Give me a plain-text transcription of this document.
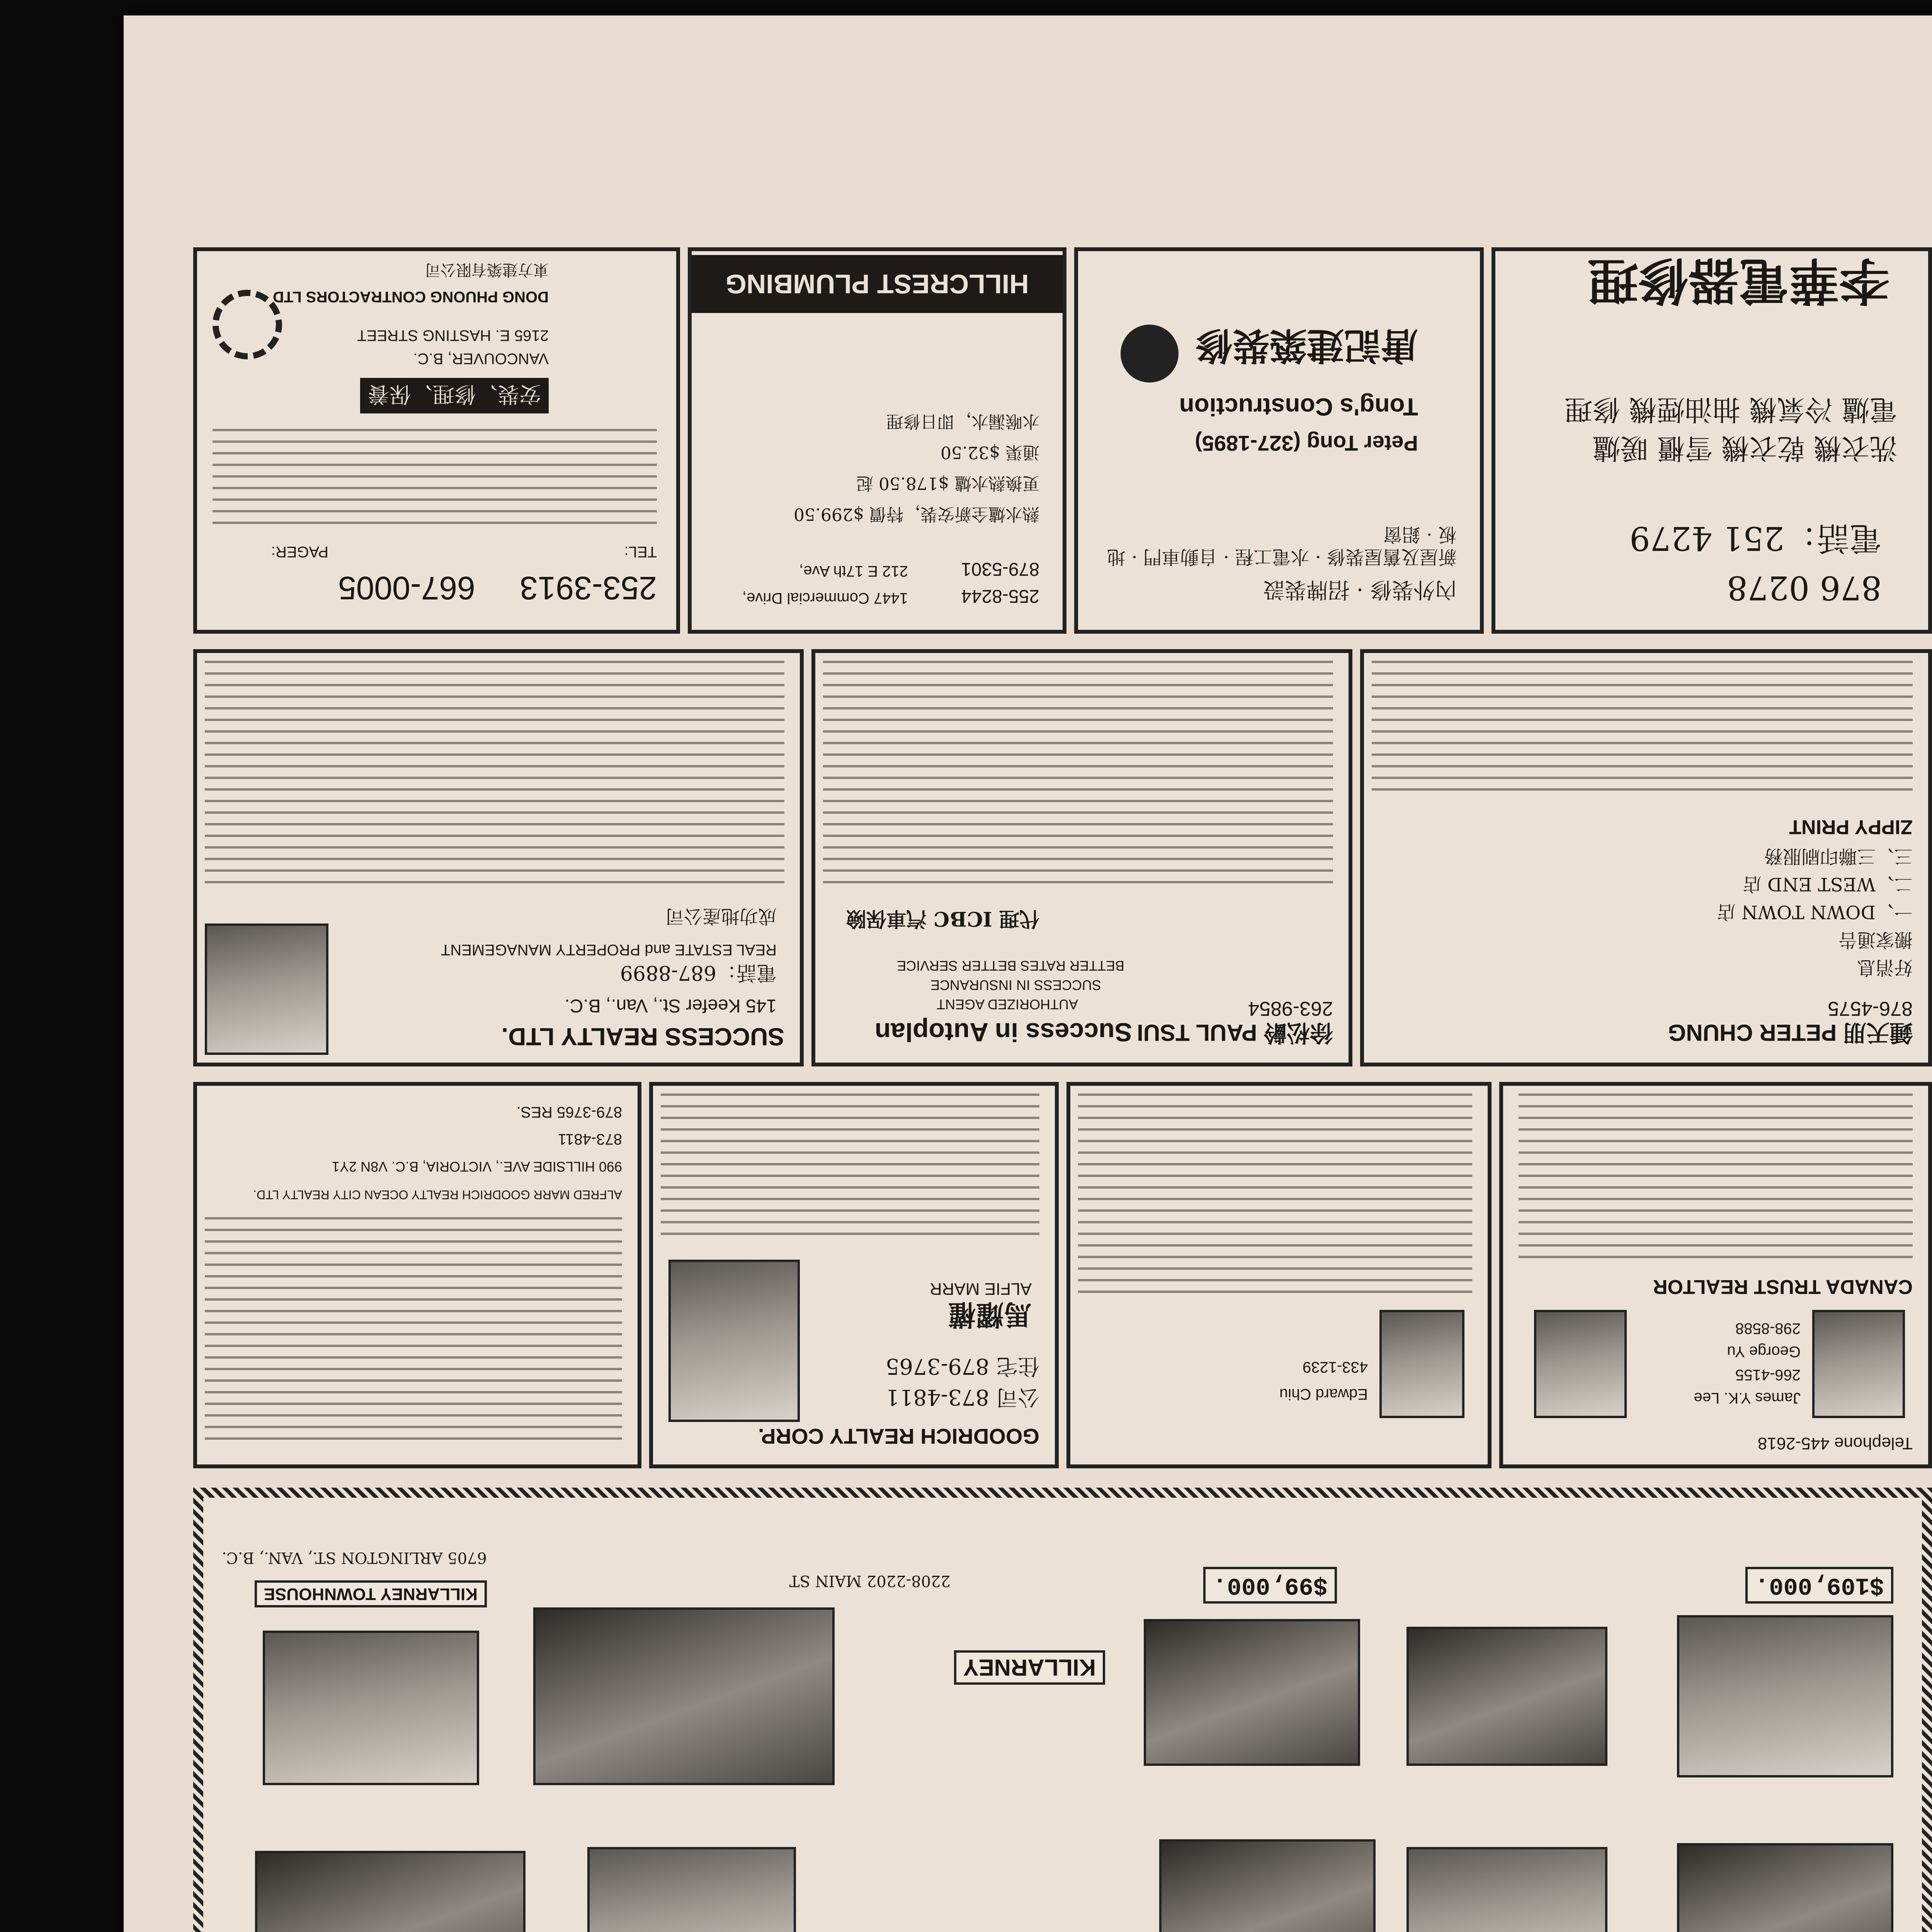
$109,000.
$99,000.
KILLARNEY
2208-2202 MAIN ST
KILLARNEY TOWNHOUSE
6705 ARLINGTON ST., VAN., B.C.
Telephone 445-2618
James Y.K. Lee
266-4155
George Yu
298-8588
CANADA TRUST REALTOR
Edward Chiu
433-1239
GOODRICH REALTY CORP.
公司 873-4811
住宅 879-3765
馬耀權
ALFIE MARR
ALFRED MARR GOODRICH REALTY OCEAN CITY REALTY LTD.
990 HILLSIDE AVE., VICTORIA, B.C. V8N 2Y1
873-4811
879-3765 RES.
鍾天朋 PETER CHUNG
876-4575
ZIPPY PRINT
好消息
搬家通告
一、DOWN TOWN 店
二、WEST END 店
三、三聯印刷服務
徐松齡 PAUL TSUI
263-9854
Success in Autoplan
AUTHORIZED AGENT
SUCCESS IN INSURANCE
BETTER RATES BETTER SERVICE
代理 ICBC 汽車保險
SUCCESS REALTY LTD.
145 Keefer St., Van., B.C.
電話：687-8899
REAL ESTATE and PROPERTY MANAGEMENT
成功地產公司
876 0278
電話：251 4279

洗衣機 乾衣機 雪櫃 暖爐
電爐 冷氣機 抽油煙機 修理

李華電器修理
內外裝修 · 招牌裝設
新屋及舊屋裝修 · 水電工程 · 自動車門 · 地板 · 鋁窗
Peter Tong (327-1895)
Tong's Construction
唐記建築裝修
255-8244
1447 Commercial Drive,
879-5301
212 E 17th Ave,
熱水爐全新安裝，特價 $299.50
更換熱水爐 $178.50 起
通渠 $32.50
水喉漏水，即日修理
HILLCREST PLUMBING
253-3913
667-0005
TEL:
PAGER:
安裝、修理、保養
VANCOUVER, B.C.
2165 E. HASTING STREET
DONG PHUONG CONTRACTORS LTD
東方建築有限公司
